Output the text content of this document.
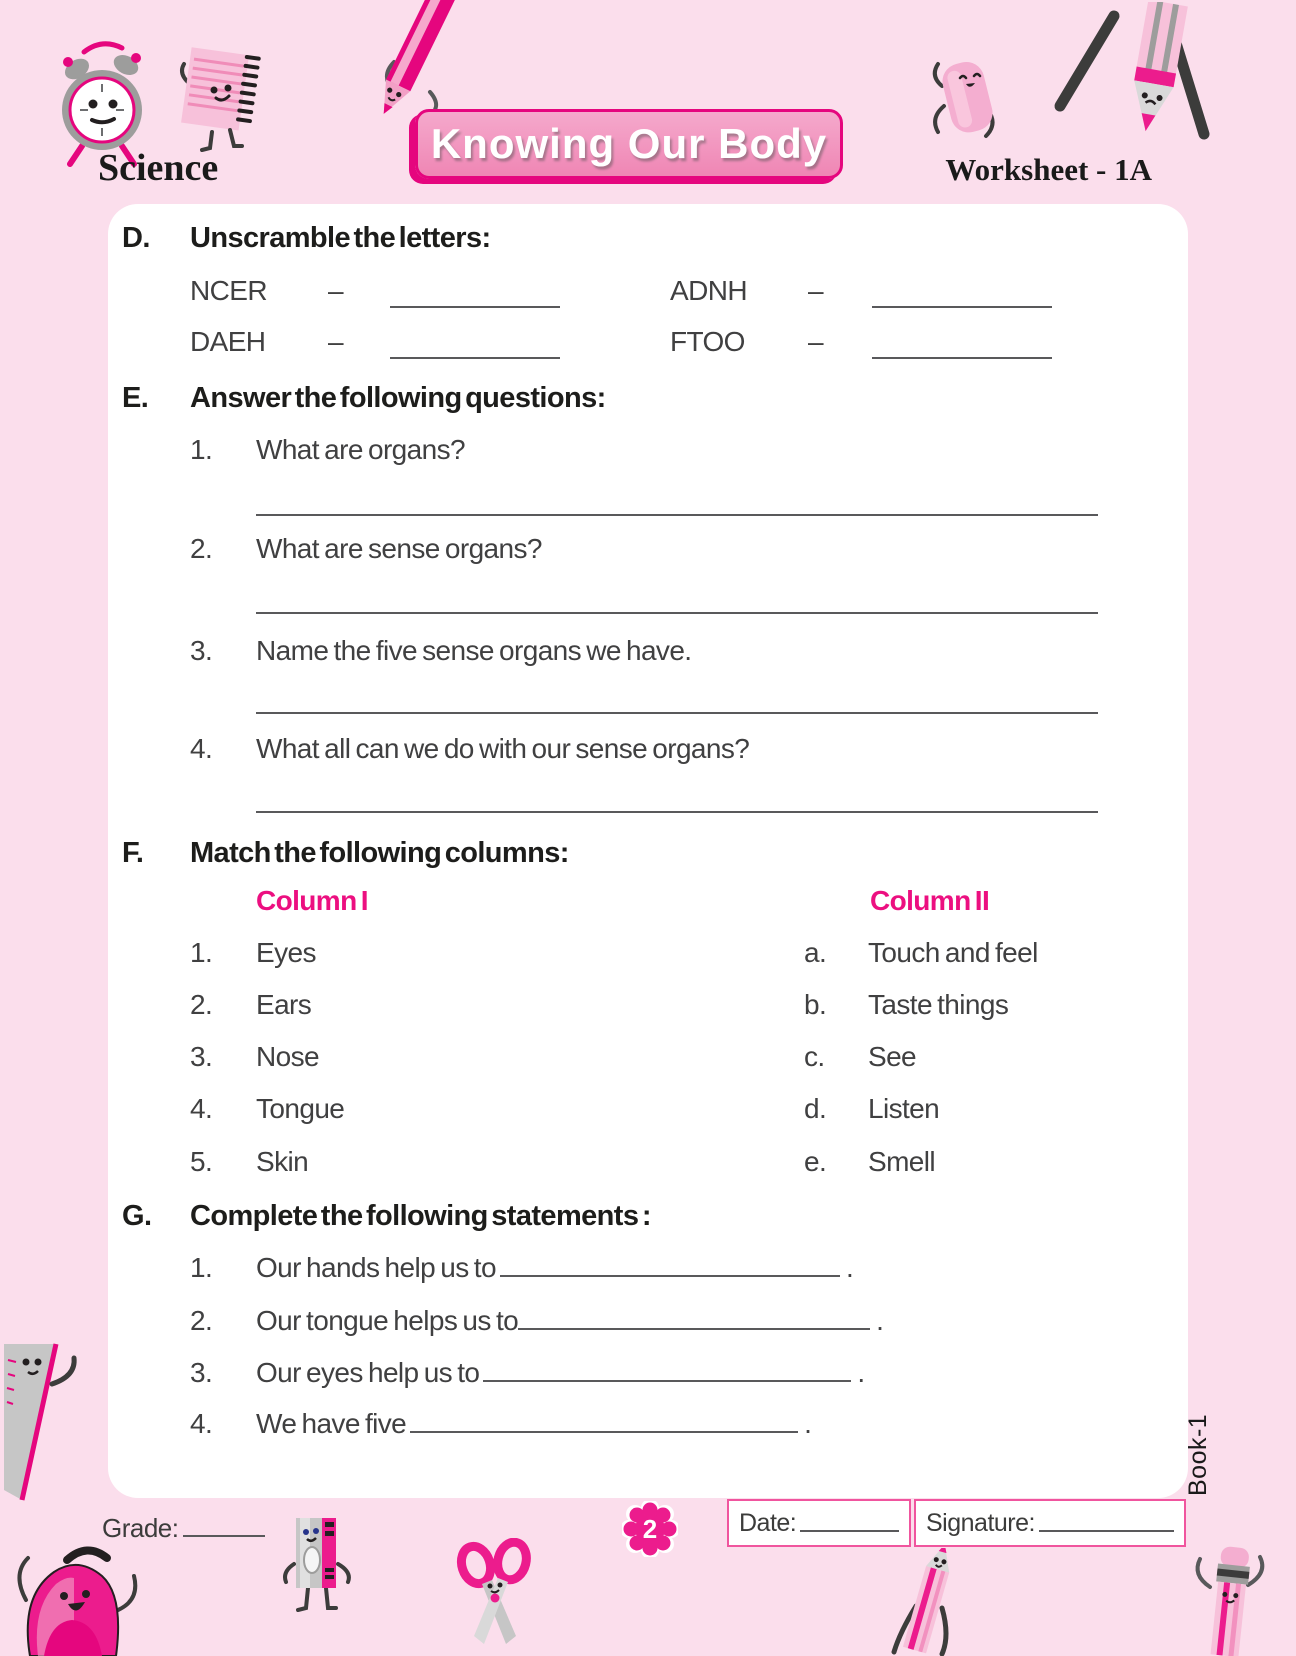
Science
Knowing Our Body
Worksheet - 1A
D. Unscramble the letters:
NCER –	ADNH –
DAEH –	FTOO –
E. Answer the following questions:
1. What are organs?
2. What are sense organs?
3. Name the five sense organs we have.
4. What all can we do with our sense organs?
F. Match the following columns:
Column I	Column II
1. Eyes	a. Touch and feel
2. Ears	b. Taste things
3. Nose	c. See
4. Tongue	d. Listen
5. Skin	e. Smell
G. Complete the following statements :
1. Our hands help us to	.
2. Our tongue helps us to	.
3. Our eyes help us to	.
4. We have five	.	Book-1
Grade:	2	Date:	Signature:
